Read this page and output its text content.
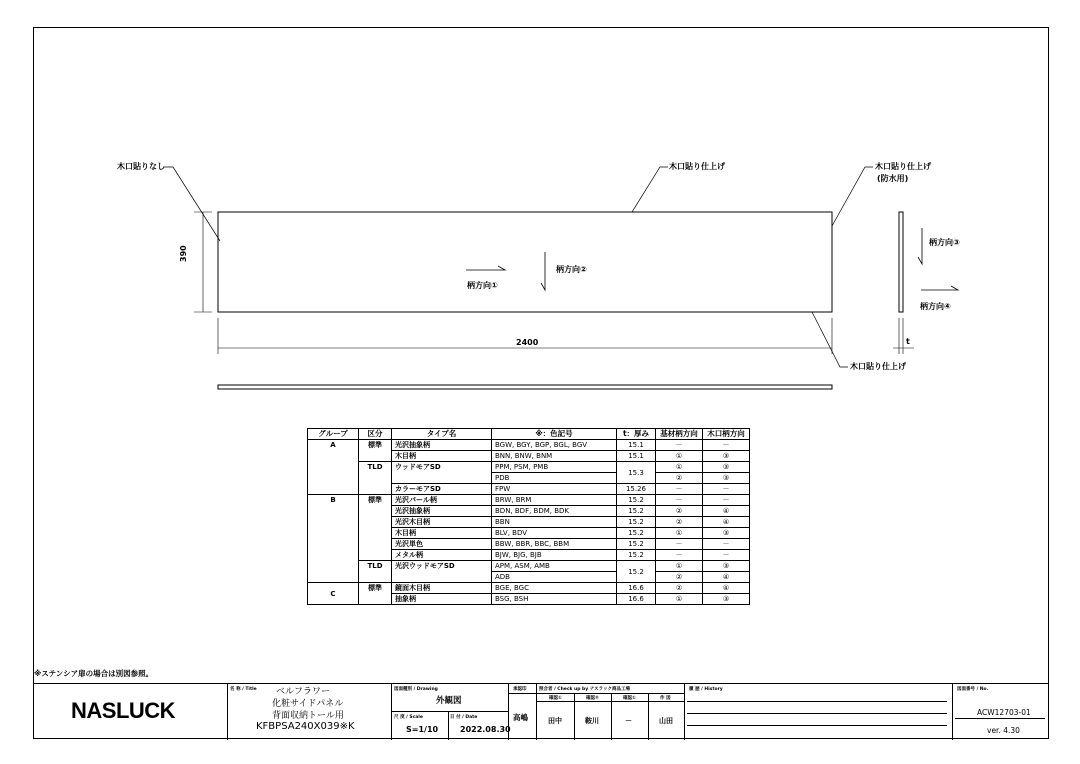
木口貼りなし	木口貼り仕上げ	木口貼り仕上げ
(防水用)
木口貼り仕上げ
柄方向①
柄方向②
柄方向③
柄方向④
390
2400	t
グループ	区分	タイプ名	※：色記号	t：厚み	基材柄方向	木口柄方向
A	標準	光沢抽象柄	BGW, BGY, BGP, BGL, BGV	15.1	－	－
		木目柄	BNN, BNW, BNM	15.1	①	③
	TLD	ウッドモアSD	PPM, PSM, PMB	15.3	①	③
			PDB		②	③
		カラーモアSD	FPW	15.26	－	－
B	標準	光沢パール柄	BRW, BRM	15.2	－	－
		光沢抽象柄	BDN, BDF, BDM, BDK	15.2	②	④
		光沢木目柄	BBN	15.2	②	④
		木目柄	BLV, BDV	15.2	①	③
		光沢単色	BBW, BBR, BBC, BBM	15.2	－	－
		メタル柄	BJW, BJG, BJB	15.2	－	－
	TLD	光沢ウッドモアSD	APM, ASM, AMB	15.2	①	③
			ADB		②	④
C	標準	鏡面木目柄	BGE, BGC	16.6	②	④
		抽象柄	BSG, BSH	16.6	①	③
※ステンシア扉の場合は別図参照。
NASLUCK
名 称 / Title ベルフラワー
化粧サイドパネル
背面収納トール用
KFBPSA240X039※K
図面種別 / Drawing
外観図
尺 度 / Scale
S=1/10
日 付 / Date
2022.08.30
承認印
高嶋
照合者 / Check up by ナスラック商品工場
確認①	確認②	確認①	作 図
田中	鞍川	－	山田
履 歴 / History	図面番号 / No.
ACW12703-01
ver. 4.30
